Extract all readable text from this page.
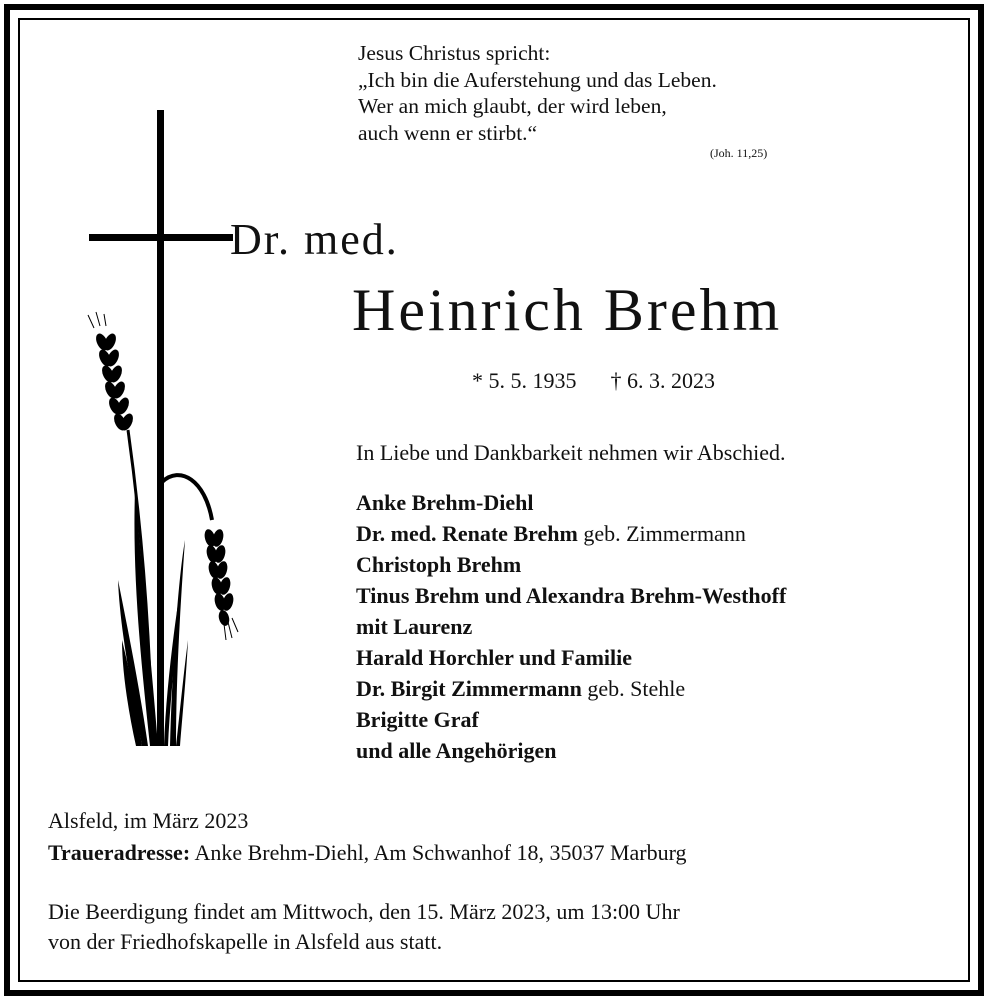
Jesus Christus spricht:
„Ich bin die Auferstehung und das Leben.
Wer an mich glaubt, der wird leben,
auch wenn er stirbt.“
(Joh. 11,25)
Dr. med.
Heinrich Brehm
* 5. 5. 1935 † 6. 3. 2023
In Liebe und Dankbarkeit nehmen wir Abschied.
Anke Brehm-Diehl
Dr. med. Renate Brehm geb. Zimmermann
Christoph Brehm
Tinus Brehm und Alexandra Brehm-Westhoff
mit Laurenz
Harald Horchler und Familie
Dr. Birgit Zimmermann geb. Stehle
Brigitte Graf
und alle Angehörigen
Alsfeld, im März 2023
Traueradresse: Anke Brehm-Diehl, Am Schwanhof 18, 35037 Marburg
Die Beerdigung findet am Mittwoch, den 15. März 2023, um 13:00 Uhr
von der Friedhofskapelle in Alsfeld aus statt.
